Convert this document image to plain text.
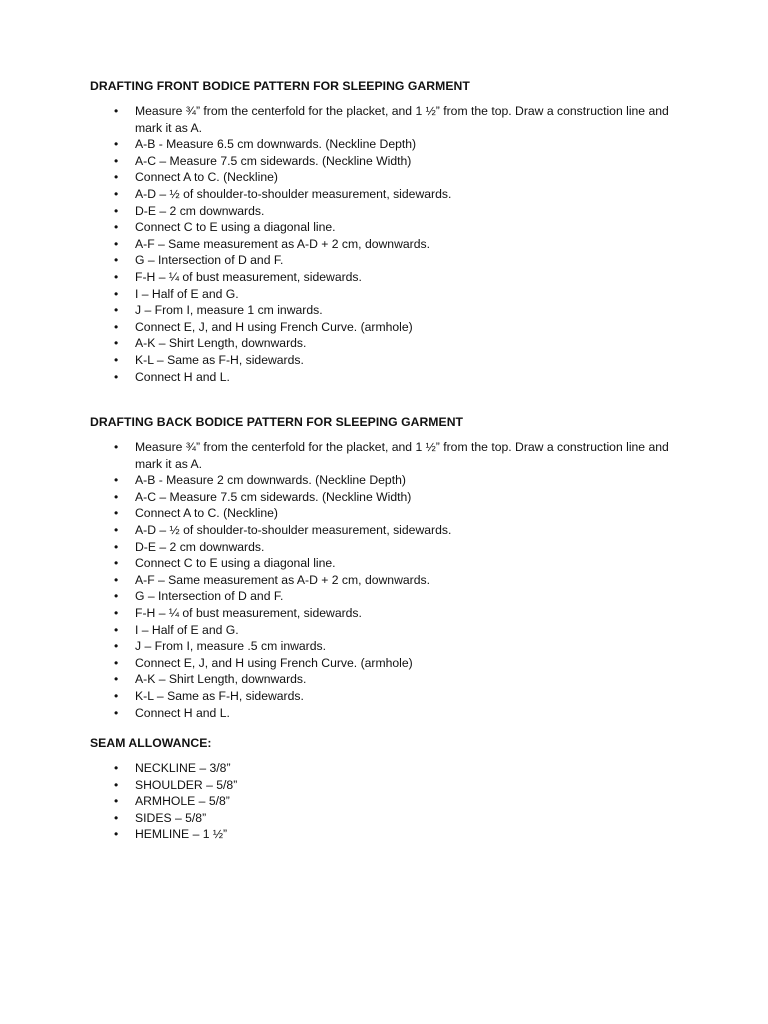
DRAFTING FRONT BODICE PATTERN FOR SLEEPING GARMENT
• Measure ¾” from the centerfold for the placket, and 1 ½” from the top. Draw a construction line and mark it as A.
• A-B - Measure 6.5 cm downwards. (Neckline Depth)
• A-C – Measure 7.5 cm sidewards. (Neckline Width)
• Connect A to C. (Neckline)
• A-D – ½ of shoulder-to-shoulder measurement, sidewards.
• D-E – 2 cm downwards.
• Connect C to E using a diagonal line.
• A-F – Same measurement as A-D + 2 cm, downwards.
• G – Intersection of D and F.
• F-H – ¼ of bust measurement, sidewards.
• I – Half of E and G.
• J – From I, measure 1 cm inwards.
• Connect E, J, and H using French Curve. (armhole)
• A-K – Shirt Length, downwards.
• K-L – Same as F-H, sidewards.
• Connect H and L.
DRAFTING BACK BODICE PATTERN FOR SLEEPING GARMENT
• Measure ¾” from the centerfold for the placket, and 1 ½” from the top. Draw a construction line and mark it as A.
• A-B - Measure 2 cm downwards. (Neckline Depth)
• A-C – Measure 7.5 cm sidewards. (Neckline Width)
• Connect A to C. (Neckline)
• A-D – ½ of shoulder-to-shoulder measurement, sidewards.
• D-E – 2 cm downwards.
• Connect C to E using a diagonal line.
• A-F – Same measurement as A-D + 2 cm, downwards.
• G – Intersection of D and F.
• F-H – ¼ of bust measurement, sidewards.
• I – Half of E and G.
• J – From I, measure .5 cm inwards.
• Connect E, J, and H using French Curve. (armhole)
• A-K – Shirt Length, downwards.
• K-L – Same as F-H, sidewards.
• Connect H and L.
SEAM ALLOWANCE:
• NECKLINE – 3/8”
• SHOULDER – 5/8”
• ARMHOLE – 5/8”
• SIDES – 5/8”
• HEMLINE – 1 ½”
